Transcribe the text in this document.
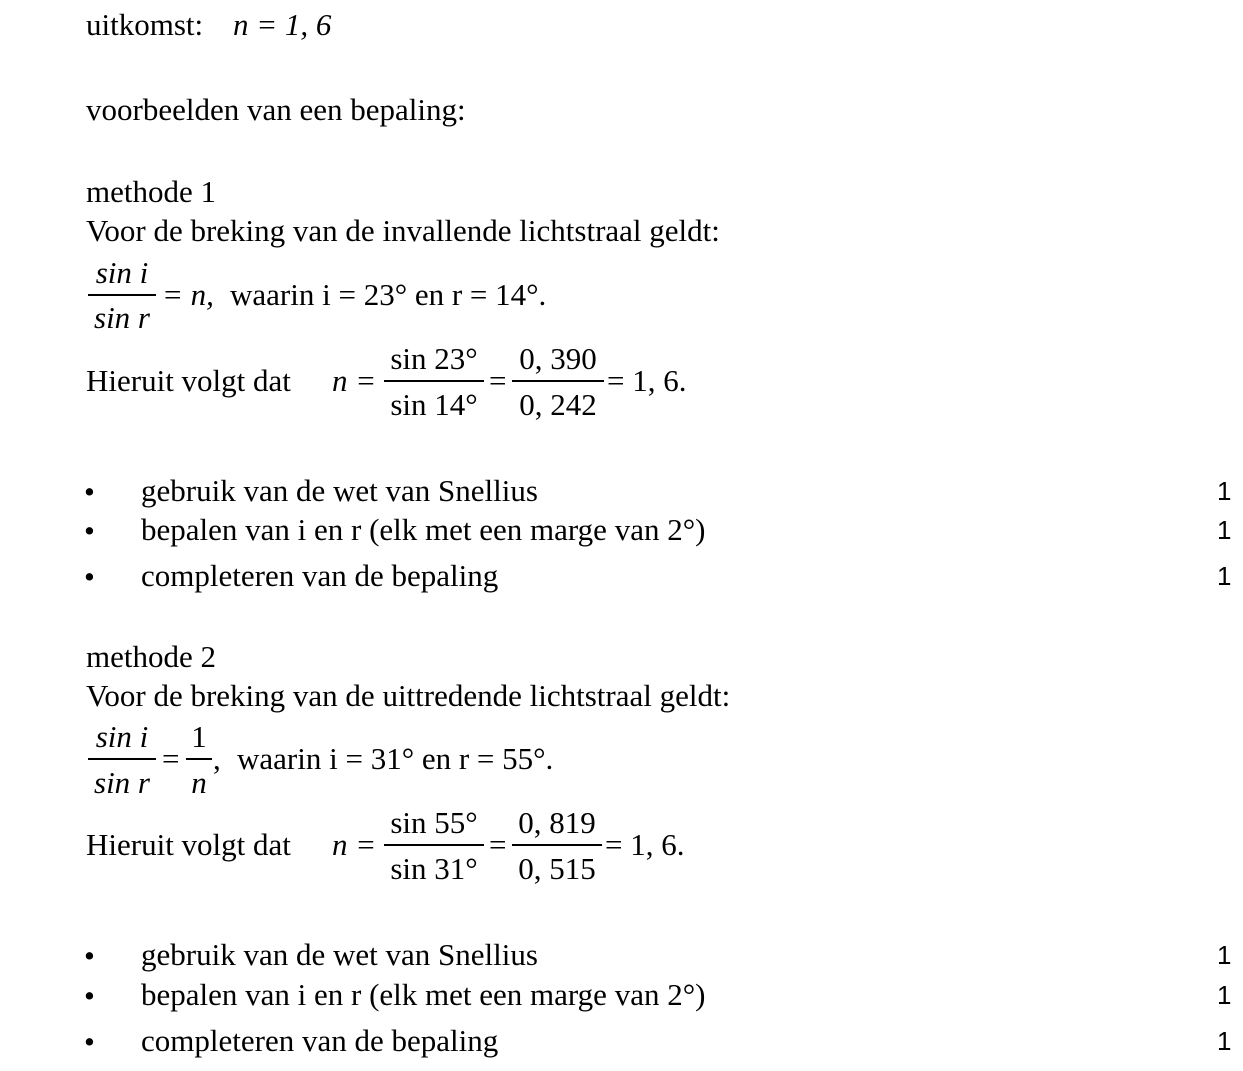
uitkomst: n = 1, 6
voorbeelden van een bepaling:
methode 1
Voor de breking van de invallende lichtstraal geldt:
sin i
sin r
= n, waarin i = 23° en r = 14°.
Hieruit volgt dat n =
sin 23°
sin 14°
=
0, 390
0, 242
= 1, 6.
• gebruik van de wet van Snellius	1
• bepalen van i en r (elk met een marge van 2°)	1
• completeren van de bepaling	1
methode 2
Voor de breking van de uittredende lichtstraal geldt:
sin i
sin r
=
1
n
, waarin i = 31° en r = 55°.
Hieruit volgt dat n =
sin 55°
sin 31°
=
0, 819
0, 515
= 1, 6.
• gebruik van de wet van Snellius	1
• bepalen van i en r (elk met een marge van 2°)	1
• completeren van de bepaling	1
